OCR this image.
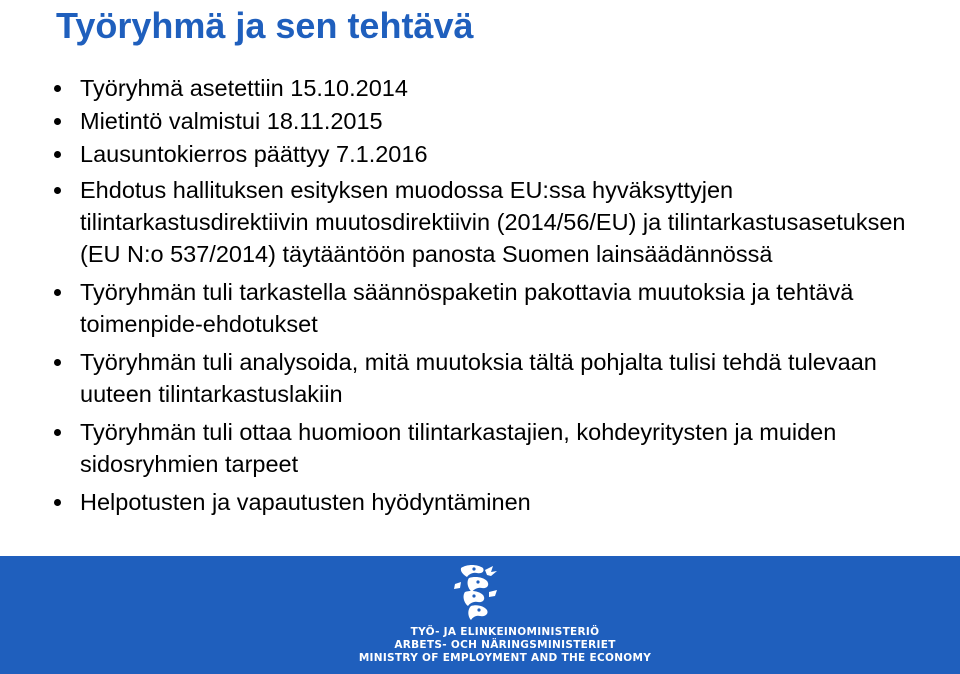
Työryhmä ja sen tehtävä
Työryhmä asetettiin 15.10.2014
Mietintö valmistui 18.11.2015
Lausuntokierros päättyy 7.1.2016
Ehdotus hallituksen esityksen muodossa EU:ssa hyväksyttyjen tilintarkastusdirektiivin muutosdirektiivin (2014/56/EU) ja tilintarkastusasetuksen (EU N:o 537/2014) täytääntöön panosta Suomen lainsäädännössä
Työryhmän tuli tarkastella säännöspaketin pakottavia muutoksia ja tehtävä toimenpide-ehdotukset
Työryhmän tuli analysoida, mitä muutoksia tältä pohjalta tulisi tehdä tulevaan uuteen tilintarkastuslakiin
Työryhmän tuli ottaa huomioon tilintarkastajien, kohdeyritysten ja muiden sidosryhmien tarpeet
Helpotusten ja vapautusten hyödyntäminen
TYÖ- JA ELINKEINOMINISTERIÖ
ARBETS- OCH NÄRINGSMINISTERIET
MINISTRY OF EMPLOYMENT AND THE ECONOMY
